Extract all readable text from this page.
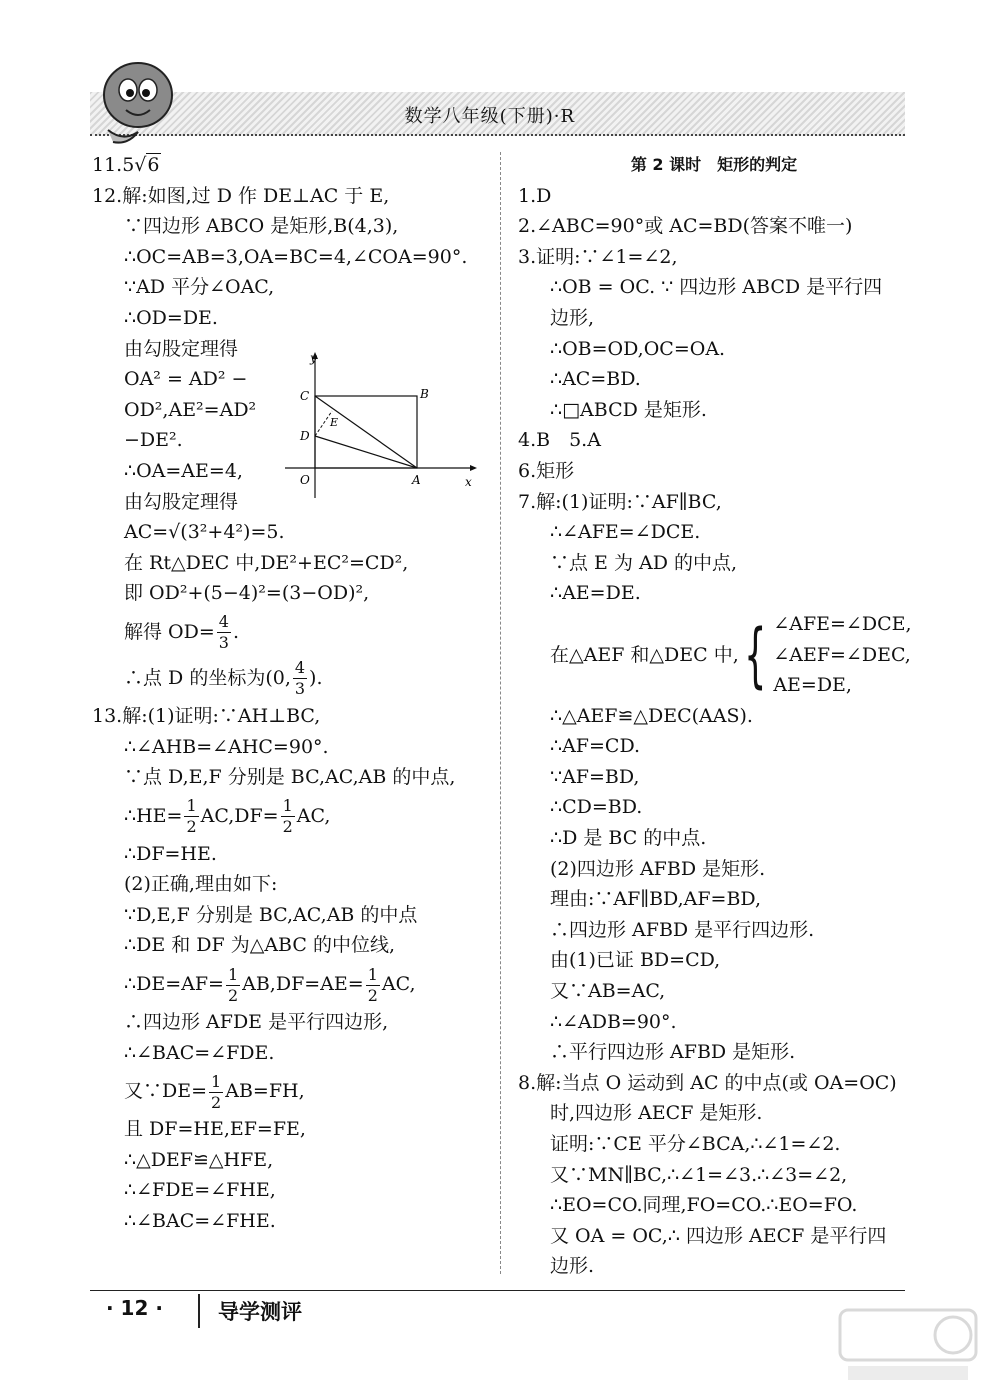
数学八年级(下册)·R
11.5√6
12.解:如图,过 D 作 DE⊥AC 于 E,
∵四边形 ABCO 是矩形,B(4,3),
∴OC=AB=3,OA=BC=4,∠COA=90°.
∵AD 平分∠OAC,
∴OD=DE.
由勾股定理得
OA² = AD² −
OD²,AE²=AD²
−DE².
∴OA=AE=4,
由勾股定理得
AC=√(3²+4²)=5.
在 Rt△DEC 中,DE²+EC²=CD²,
即 OD²+(5−4)²=(3−OD)²,
解得 $OD= \frac{4}{3}$ .
∴点 D 的坐标为(0, $\frac{4}{3}$ ).
13.解:(1)证明:∵AH⊥BC,
∴∠AHB=∠AHC=90°.
∵点 D,E,F 分别是 BC,AC,AB 的中点,
∴HE= $\frac{1}{2} AC,DF= \frac{1}{2}$ AC,
∴DF=HE.
(2)正确,理由如下:
∵D,E,F 分别是 BC,AC,AB 的中点
∴DE 和 DF 为△ABC 的中位线,
∴DE=AF= $\frac{1}{2} AB,DF=AE= \frac{1}{2}$ AC,
∴四边形 AFDE 是平行四边形,
∴∠BAC=∠FDE.
又∵DE= $\frac{1}{2} AB=FH$,
且 DF=HE,EF=FE,
∴△DEF≌△HFE,
∴∠FDE=∠FHE,
∴∠BAC=∠FHE.
y
x
C	B
D
E
O	A
第 2 课时　矩形的判定
1.D
2.∠ABC=90°或 AC=BD(答案不唯一)
3.证明:∵∠1=∠2,
∴OB = OC. ∵ 四边形 ABCD 是平行四
边形,
∴OB=OD,OC=OA.
∴AC=BD.
∴□ABCD 是矩形.
4.B　5.A
6.矩形
7.解:(1)证明:∵AF∥BC,
∴∠AFE=∠DCE.
∵点 E 为 AD 的中点,
∴AE=DE.
在△AEF 和△DEC 中, { ∠AFE=∠DCE,
∠AEF=∠DEC,
AE=DE,
∴△AEF≌△DEC(AAS).
∴AF=CD.
∵AF=BD,
∴CD=BD.
∴D 是 BC 的中点.
(2)四边形 AFBD 是矩形.
理由:∵AF∥BD,AF=BD,
∴四边形 AFBD 是平行四边形.
由(1)已证 BD=CD,
又∵AB=AC,
∴∠ADB=90°.
∴平行四边形 AFBD 是矩形.
8.解:当点 O 运动到 AC 的中点(或 OA=OC)
时,四边形 AECF 是矩形.
证明:∵CE 平分∠BCA,∴∠1=∠2.
又∵MN∥BC,∴∠1=∠3.∴∠3=∠2,
∴EO=CO.同理,FO=CO.∴EO=FO.
又 OA = OC,∴ 四边形 AECF 是平行四
边形.
· 12 ·	导学测评
